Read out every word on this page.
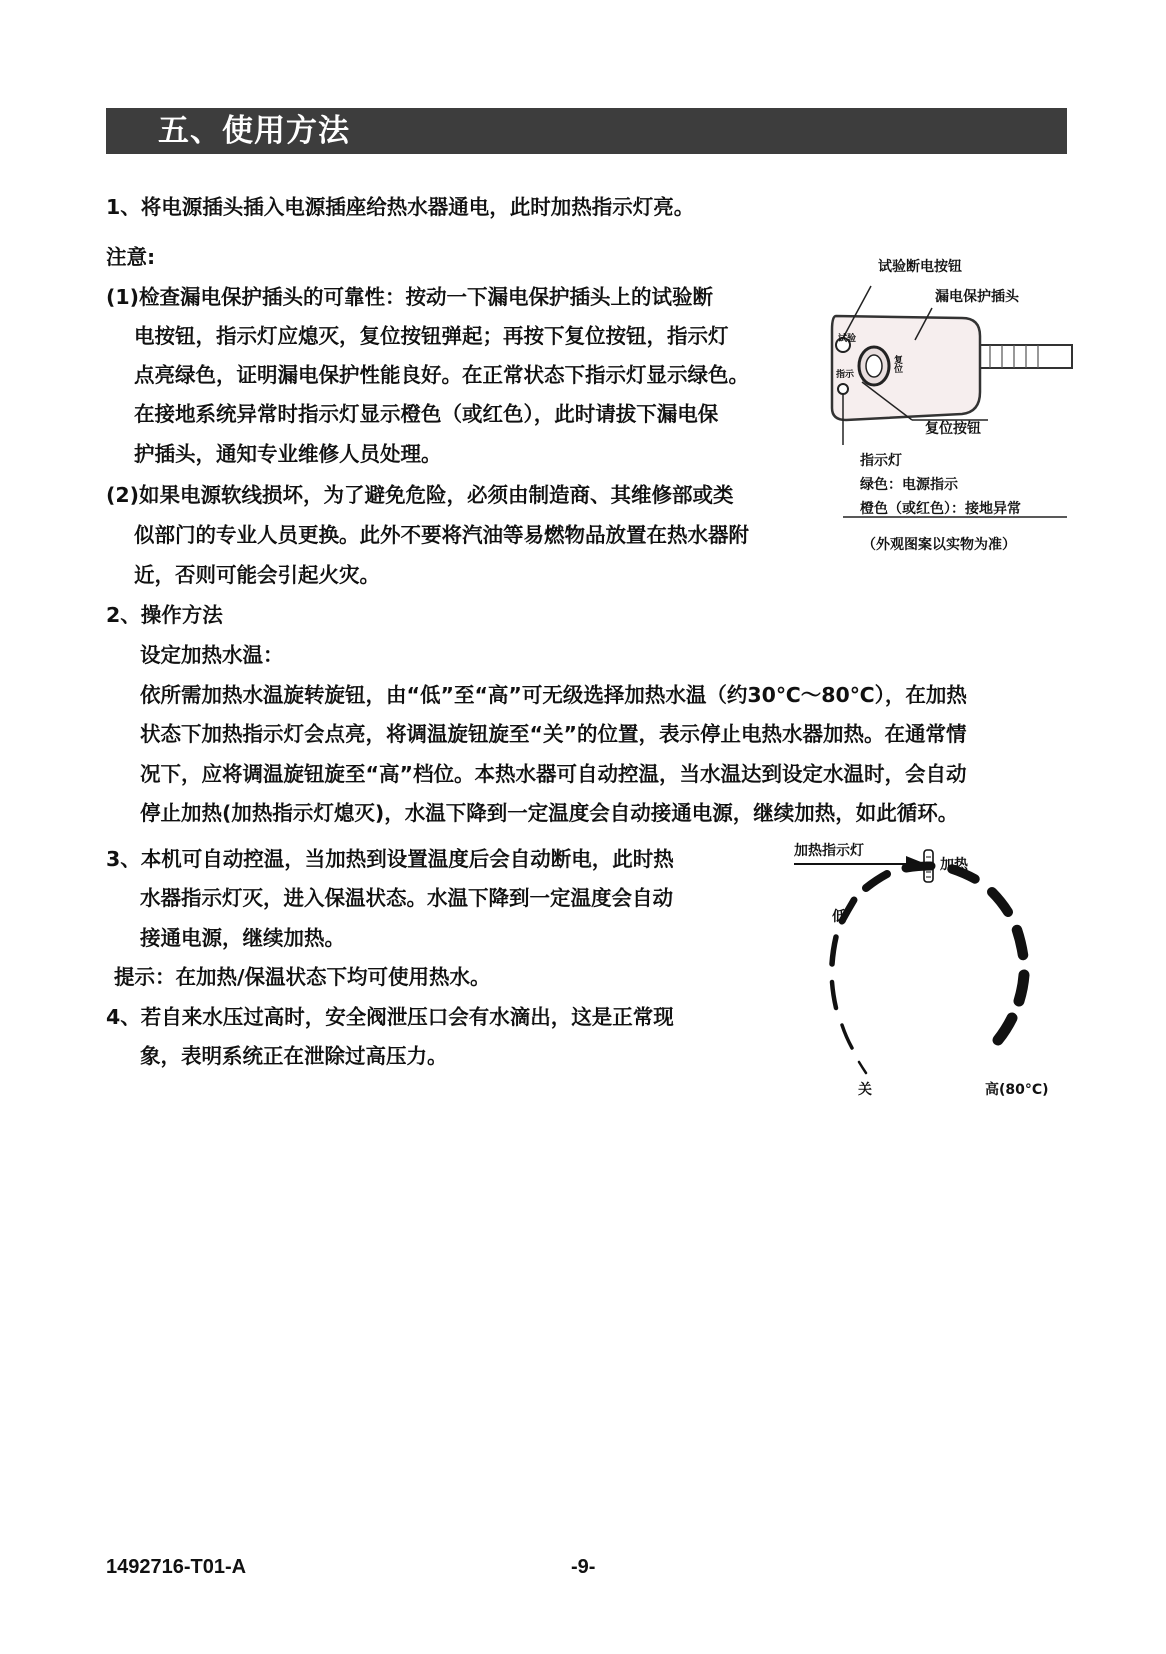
五、使用方法
1、将电源插头插入电源插座给热水器通电，此时加热指示灯亮。
注意:
(1)检查漏电保护插头的可靠性：按动一下漏电保护插头上的试验断
电按钮，指示灯应熄灭，复位按钮弹起；再按下复位按钮，指示灯
点亮绿色，证明漏电保护性能良好。在正常状态下指示灯显示绿色。
在接地系统异常时指示灯显示橙色（或红色），此时请拔下漏电保
护插头，通知专业维修人员处理。
(2)如果电源软线损坏，为了避免危险，必须由制造商、其维修部或类
似部门的专业人员更换。此外不要将汽油等易燃物品放置在热水器附
近，否则可能会引起火灾。
2、操作方法
设定加热水温：
依所需加热水温旋转旋钮，由“低”至“高”可无级选择加热水温（约30℃～80℃），在加热
状态下加热指示灯会点亮，将调温旋钮旋至“关”的位置，表示停止电热水器加热。在通常情
况下，应将调温旋钮旋至“高”档位。本热水器可自动控温，当水温达到设定水温时，会自动
停止加热(加热指示灯熄灭)，水温下降到一定温度会自动接通电源，继续加热，如此循环。
3、本机可自动控温，当加热到设置温度后会自动断电，此时热
水器指示灯灭，进入保温状态。水温下降到一定温度会自动
接通电源，继续加热。
提示：在加热/保温状态下均可使用热水。
4、若自来水压过高时，安全阀泄压口会有水滴出，这是正常现
象，表明系统正在泄除过高压力。
试验
复位
指示
试验断电按钮
漏电保护插头
复位按钮
指示灯
绿色：电源指示
橙色（或红色）：接地异常
（外观图案以实物为准）
加热指示灯
加热
低
关	高(80°C)
1492716-T01-A	-9-
